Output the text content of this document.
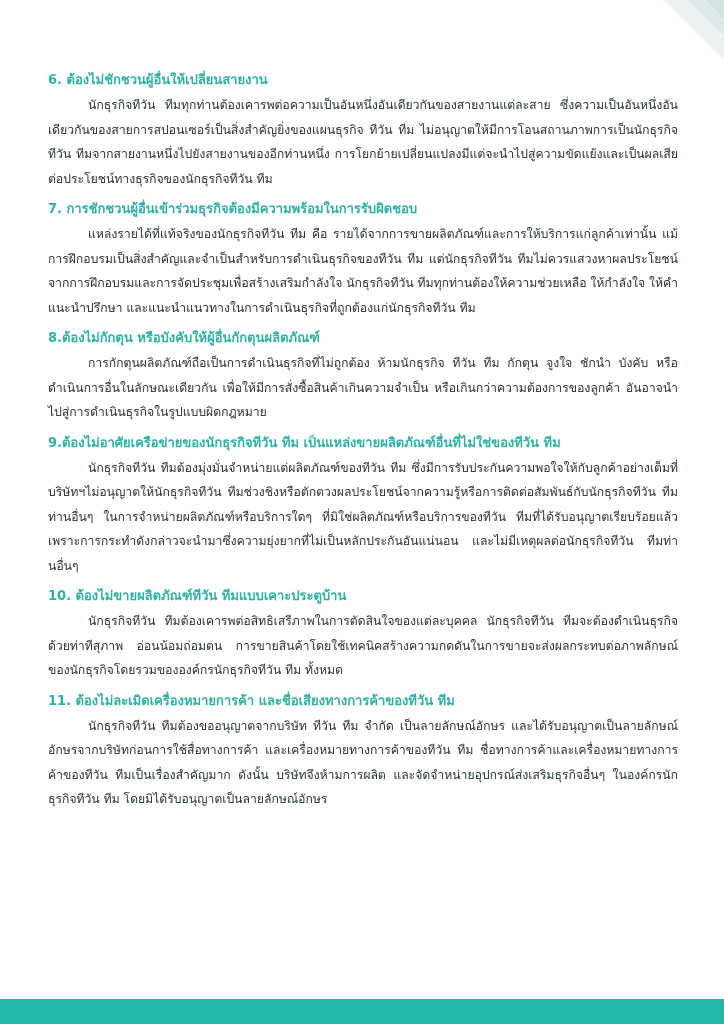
6. ต้องไม่ชักชวนผู้อื่นให้เปลี่ยนสายงาน

นักธุรกิจทีวัน ทีมทุกท่านต้องเคารพต่อความเป็นอันหนึ่งอันเดียวกันของสายงานแต่ละสาย ซึ่งความเป็นอันหนึ่งอันเดียวกันของสายการสปอนเซอร์เป็นสิ่งสำคัญยิ่งของแผนธุรกิจ ทีวัน ทีม ไม่อนุญาตให้มีการโอนสถานภาพการเป็นนักธุรกิจทีวัน ทีมจากสายงานหนึ่งไปยังสายงานของอีกท่านหนึ่ง การโยกย้ายเปลี่ยนแปลงมีแต่จะนำไปสู่ความขัดแย้งและเป็นผลเสียต่อประโยชน์ทางธุรกิจของนักธุรกิจทีวัน ทีม

7. การชักชวนผู้อื่นเข้าร่วมธุรกิจต้องมีความพร้อมในการรับผิดชอบ

แหล่งรายได้ที่แท้จริงของนักธุรกิจทีวัน ทีม คือ รายได้จากการขายผลิตภัณฑ์และการให้บริการแก่ลูกค้าเท่านั้น แม้การฝึกอบรมเป็นสิ่งสำคัญและจำเป็นสำหรับการดำเนินธุรกิจของทีวัน ทีม แต่นักธุรกิจทีวัน ทีมไม่ควรแสวงหาผลประโยชน์จากการฝึกอบรมและการจัดประชุมเพื่อสร้างเสริมกำลังใจ นักธุรกิจทีวัน ทีมทุกท่านต้องให้ความช่วยเหลือ ให้กำลังใจ ให้คำแนะนำปรึกษา และแนะนำแนวทางในการดำเนินธุรกิจที่ถูกต้องแก่นักธุรกิจทีวัน ทีม

8.ต้องไม่กักตุน หรือบังคับให้ผู้อื่นกักตุนผลิตภัณฑ์

การกักตุนผลิตภัณฑ์ถือเป็นการดำเนินธุรกิจที่ไม่ถูกต้อง ห้ามนักธุรกิจ ทีวัน ทีม กักตุน จูงใจ ชักนำ บังคับ หรือดำเนินการอื่นในลักษณะเดียวกัน เพื่อให้มีการสั่งซื้อสินค้าเกินความจำเป็น หรือเกินกว่าความต้องการของลูกค้า อันอาจนำไปสู่การดำเนินธุรกิจในรูปแบบผิดกฎหมาย

9.ต้องไม่อาศัยเครือข่ายของนักธุรกิจทีวัน ทีม เป็นแหล่งขายผลิตภัณฑ์อื่นที่ไม่ใช่ของทีวัน ทีม

นักธุรกิจทีวัน ทีมต้องมุ่งมั่นจำหน่ายแต่ผลิตภัณฑ์ของทีวัน ทีม ซึ่งมีการรับประกันความพอใจให้กับลูกค้าอย่างเต็มที่ บริษัทฯไม่อนุญาตให้นักธุรกิจทีวัน ทีมช่วงชิงหรือตักตวงผลประโยชน์จากความรู้หรือการติดต่อสัมพันธ์กับนักธุรกิจทีวัน ทีมท่านอื่นๆ ในการจำหน่ายผลิตภัณฑ์หรือบริการใดๆ ที่มิใช่ผลิตภัณฑ์หรือบริการของทีวัน ทีมที่ได้รับอนุญาตเรียบร้อยแล้ว เพราะการกระทำดังกล่าวจะนำมาซึ่งความยุ่งยากที่ไม่เป็นหลักประกันอันแน่นอน และไม่มีเหตุผลต่อนักธุรกิจทีวัน ทีมท่านอื่นๆ

10. ต้องไม่ขายผลิตภัณฑ์ทีวัน ทีมแบบเคาะประตูบ้าน

นักธุรกิจทีวัน ทีมต้องเคารพต่อสิทธิเสรีภาพในการตัดสินใจของแต่ละบุคคล นักธุรกิจทีวัน ทีมจะต้องดำเนินธุรกิจด้วยท่าทีสุภาพ อ่อนน้อมถ่อมตน การขายสินค้าโดยใช้เทคนิคสร้างความกดดันในการขายจะส่งผลกระทบต่อภาพลักษณ์ของนักธุรกิจโดยรวมขององค์กรนักธุรกิจทีวัน ทีม ทั้งหมด

11. ต้องไม่ละเมิดเครื่องหมายการค้า และชื่อเสียงทางการค้าของทีวัน ทีม

นักธุรกิจทีวัน ทีมต้องขออนุญาตจากบริษัท ทีวัน ทีม จำกัด เป็นลายลักษณ์อักษร และได้รับอนุญาตเป็นลายลักษณ์อักษรจากบริษัทก่อนการใช้สื่อทางการค้า และเครื่องหมายทางการค้าของทีวัน ทีม ชื่อทางการค้าและเครื่องหมายทางการค้าของทีวัน ทีมเป็นเรื่องสำคัญมาก ดังนั้น บริษัทจึงห้ามการผลิต และจัดจำหน่ายอุปกรณ์ส่งเสริมธุรกิจอื่นๆ ในองค์กรนักธุรกิจทีวัน ทีม โดยมิได้รับอนุญาตเป็นลายลักษณ์อักษร
